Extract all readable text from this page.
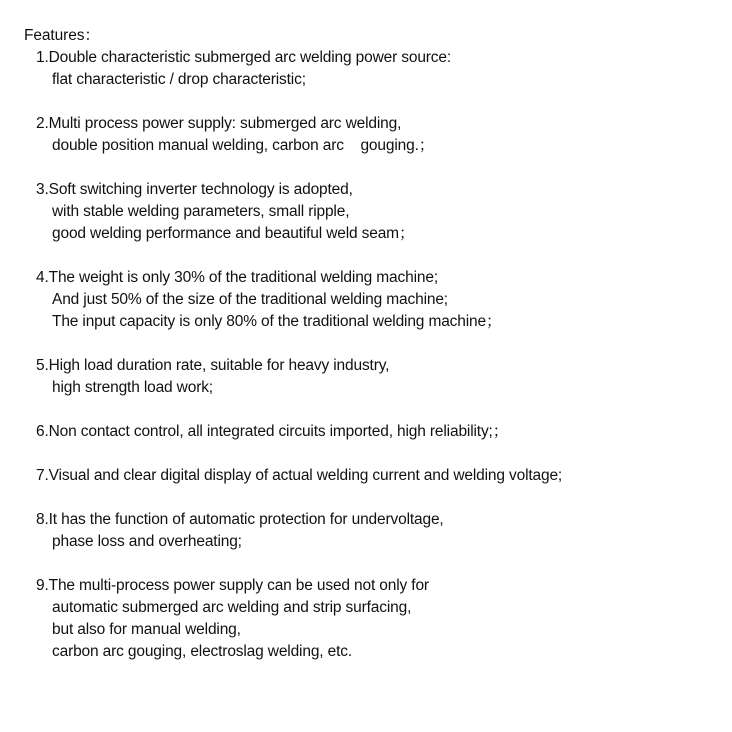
Features：
1.Double characteristic submerged arc welding power source:
flat characteristic / drop characteristic;
2.Multi process power supply: submerged arc welding,
double position manual welding, carbon arc    gouging.；
3.Soft switching inverter technology is adopted,
with stable welding parameters, small ripple,
good welding performance and beautiful weld seam；
4.The weight is only 30% of the traditional welding machine;
And just 50% of the size of the traditional welding machine;
The input capacity is only 80% of the traditional welding machine；
5.High load duration rate, suitable for heavy industry,
high strength load work;
6.Non contact control, all integrated circuits imported, high reliability;；
7.Visual and clear digital display of actual welding current and welding voltage;
8.It has the function of automatic protection for undervoltage,
phase loss and overheating;
9.The multi-process power supply can be used not only for
automatic submerged arc welding and strip surfacing,
but also for manual welding,
carbon arc gouging, electroslag welding, etc.
